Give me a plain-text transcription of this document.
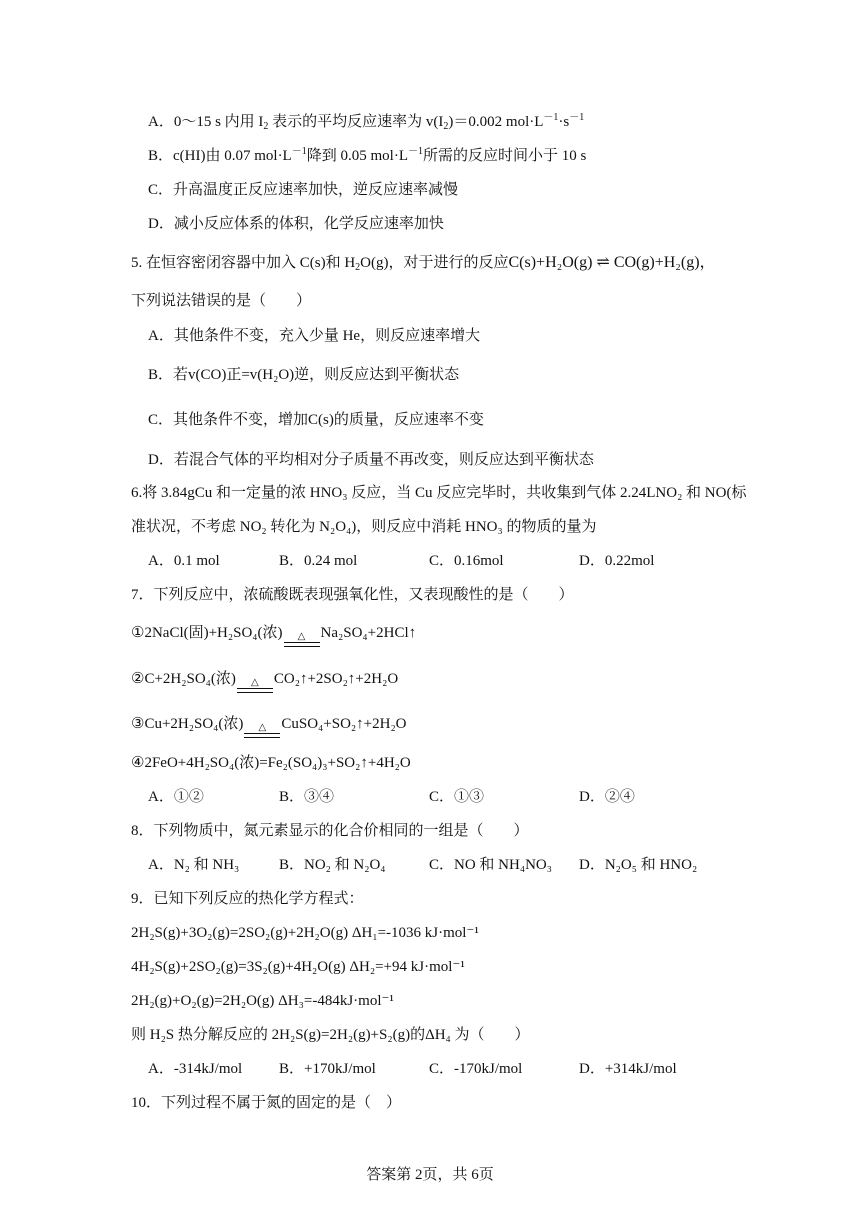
A．0～15 s 内用 $I_2$ 表示的平均反应速率为 $v(I_2)=0.002$ $mol\cdot L^{-1}\cdot s^{-1}$
B．c(HI)由 0.07 $mol\cdot L^{-1}$降到 0.05 $mol\cdot L^{-1}$所需的反应时间小于 10 s
C．升高温度正反应速率加快，逆反应速率减慢
D．减小反应体系的体积，化学反应速率加快
5. 在恒容密闭容器中加入 C(s)和 $H_2O(g)$，对于进行的反应C(s)+H₂O(g) ⇌ CO(g)+H₂(g)，
下列说法错误的是（　　）
A．其他条件不变，充入少量 He，则反应速率增大
B．若v(CO)正=v(H₂O)逆，则反应达到平衡状态
C．其他条件不变，增加C(s)的质量，反应速率不变
D．若混合气体的平均相对分子质量不再改变，则反应达到平衡状态
6.将 3.84gCu 和一定量的浓 HNO₃ 反应，当 Cu 反应完毕时，共收集到气体 2.24LNO₂ 和 NO(标
准状况，不考虑 NO₂ 转化为 N₂O₄)，则反应中消耗 HNO₃ 的物质的量为
A．0.1 mol	B．0.24 mol	C．0.16mol	D．0.22mol
7．下列反应中，浓硫酸既表现强氧化性，又表现酸性的是（　　）
①2NaCl(固)+H₂SO₄(浓) △ Na₂SO₄+2HCl↑
②C+2H₂SO₄(浓) △ CO₂↑+2SO₂↑+2H₂O
③Cu+2H₂SO₄(浓) △ CuSO₄+SO₂↑+2H₂O
④2FeO+4H₂SO₄(浓)=Fe₂(SO₄)₃+SO₂↑+4H₂O
A．①②	B．③④	C．①③	D．②④
8．下列物质中，氮元素显示的化合价相同的一组是（　　）
A．N₂ 和 NH₃	B．NO₂ 和 N₂O₄	C．NO 和 NH₄NO₃ D．N₂O₅ 和 HNO₂
9．已知下列反应的热化学方程式：
2H₂S(g)+3O₂(g)=2SO₂(g)+2H₂O(g) ΔH₁=-1036 kJ·mol⁻¹
4H₂S(g)+2SO₂(g)=3S₂(g)+4H₂O(g) ΔH₂=+94 kJ·mol⁻¹
2H₂(g)+O₂(g)=2H₂O(g) ΔH₃=-484kJ·mol⁻¹
则 H₂S 热分解反应的 2H₂S(g)=2H₂(g)+S₂(g)的ΔH₄ 为（　　）
A．-314kJ/mol B．+170kJ/mol	C．-170kJ/mol	D．+314kJ/mol
10．下列过程不属于氮的固定的是（　）
答案第 2页，共 6页
